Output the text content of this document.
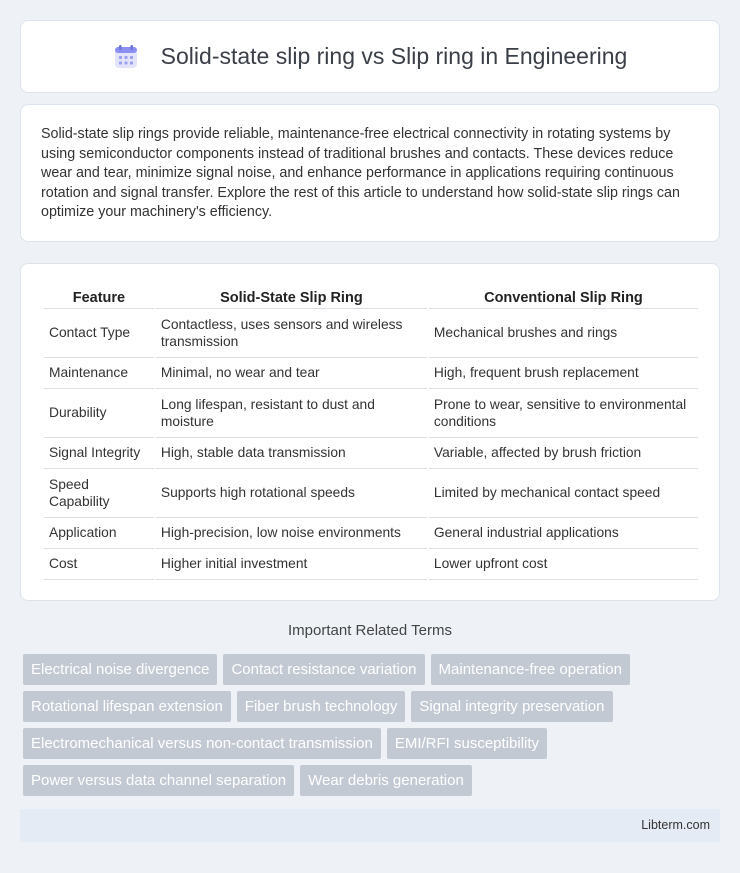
Solid-state slip ring vs Slip ring in Engineering

Solid-state slip rings provide reliable, maintenance-free electrical connectivity in rotating systems by using semiconductor components instead of traditional brushes and contacts. These devices reduce wear and tear, minimize signal noise, and enhance performance in applications requiring continuous rotation and signal transfer. Explore the rest of this article to understand how solid-state slip rings can optimize your machinery's efficiency.

Feature	Solid-State Slip Ring	Conventional Slip Ring
Contact Type	Contactless, uses sensors and wireless transmission	Mechanical brushes and rings
Maintenance	Minimal, no wear and tear	High, frequent brush replacement
Durability	Long lifespan, resistant to dust and moisture	Prone to wear, sensitive to environmental conditions
Signal Integrity	High, stable data transmission	Variable, affected by brush friction
Speed Capability	Supports high rotational speeds	Limited by mechanical contact speed
Application	High-precision, low noise environments	General industrial applications
Cost	Higher initial investment	Lower upfront cost
Important Related Terms
Electrical noise divergence	Contact resistance variation	Maintenance-free operation
Rotational lifespan extension	Fiber brush technology	Signal integrity preservation
Electromechanical versus non-contact transmission	EMI/RFI susceptibility
Power versus data channel separation	Wear debris generation
Libterm.com
